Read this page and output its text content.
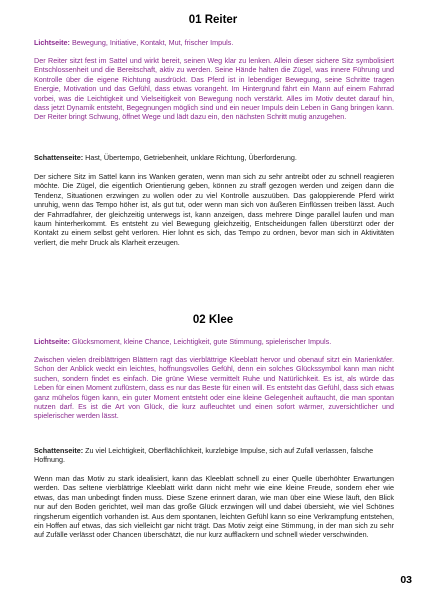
01 Reiter

Lichtseite: Bewegung, Initiative, Kontakt, Mut, frischer Impuls.

Der Reiter sitzt fest im Sattel und wirkt bereit, seinen Weg klar zu lenken. Allein dieser sichere Sitz symbolisiert Entschlossenheit und die Bereitschaft, aktiv zu werden. Seine Hände halten die Zügel, was innere Führung und Kontrolle über die eigene Richtung ausdrückt. Das Pferd ist in lebendiger Bewegung, seine Schritte tragen Energie, Motivation und das Gefühl, dass etwas vorangeht. Im Hintergrund fährt ein Mann auf einem Fahrrad vorbei, was die Leichtigkeit und Vielseitigkeit von Bewegung noch verstärkt. Alles im Motiv deutet darauf hin, dass jetzt Dynamik entsteht, Begegnungen möglich sind und ein neuer Impuls dein Leben in Gang bringen kann. Der Reiter bringt Schwung, öffnet Wege und lädt dazu ein, den nächsten Schritt mutig anzugehen.

Schattenseite: Hast, Übertempo, Getriebenheit, unklare Richtung, Überforderung.

Der sichere Sitz im Sattel kann ins Wanken geraten, wenn man sich zu sehr antreibt oder zu schnell reagieren möchte. Die Zügel, die eigentlich Orientierung geben, können zu straff gezogen werden und zeigen dann die Tendenz, Situationen erzwingen zu wollen oder zu viel Kontrolle auszuüben. Das galoppierende Pferd wirkt unruhig, wenn das Tempo höher ist, als gut tut, oder wenn man sich von äußeren Einflüssen treiben lässt. Auch der Fahrradfahrer, der gleichzeitig unterwegs ist, kann anzeigen, dass mehrere Dinge parallel laufen und man kaum hinterherkommt. Es entsteht zu viel Bewegung gleichzeitig, Entscheidungen fallen überstürzt oder der Kontakt zu einem selbst geht verloren. Hier lohnt es sich, das Tempo zu ordnen, bevor man sich in Aktivitäten verliert, die mehr Druck als Klarheit erzeugen.

02 Klee

Lichtseite: Glücksmoment, kleine Chance, Leichtigkeit, gute Stimmung, spielerischer Impuls.

Zwischen vielen dreiblättrigen Blättern ragt das vierblättrige Kleeblatt hervor und obenauf sitzt ein Marienkäfer. Schon der Anblick weckt ein leichtes, hoffnungsvolles Gefühl, denn ein solches Glückssymbol kann man nicht suchen, sondern findet es einfach. Die grüne Wiese vermittelt Ruhe und Natürlichkeit. Es ist, als würde das Leben für einen Moment zuflüstern, dass es nur das Beste für einen will. Es entsteht das Gefühl, dass sich etwas ganz mühelos fügen kann, ein guter Moment entsteht oder eine kleine Gelegenheit auftaucht, die man spontan nutzen darf. Es ist die Art von Glück, die kurz aufleuchtet und einen sofort wärmer, zuversichtlicher und spielerischer werden lässt.

Schattenseite: Zu viel Leichtigkeit, Oberflächlichkeit, kurzlebige Impulse, sich auf Zufall verlassen, falsche Hoffnung.

Wenn man das Motiv zu stark idealisiert, kann das Kleeblatt schnell zu einer Quelle überhöhter Erwartungen werden. Das seltene vierblättrige Kleeblatt wirkt dann nicht mehr wie eine kleine Freude, sondern eher wie etwas, das man unbedingt finden muss. Diese Szene erinnert daran, wie man über eine Wiese läuft, den Blick nur auf den Boden gerichtet, weil man das große Glück erzwingen will und dabei übersieht, wie viel Schönes ringsherum eigentlich vorhanden ist. Aus dem spontanen, leichten Gefühl kann so eine Verkrampfung entstehen, ein Hoffen auf etwas, das sich vielleicht gar nicht trägt. Das Motiv zeigt eine Stimmung, in der man sich zu sehr auf Zufälle verlässt oder Chancen überschätzt, die nur kurz aufflackern und schnell wieder verschwinden.

03
